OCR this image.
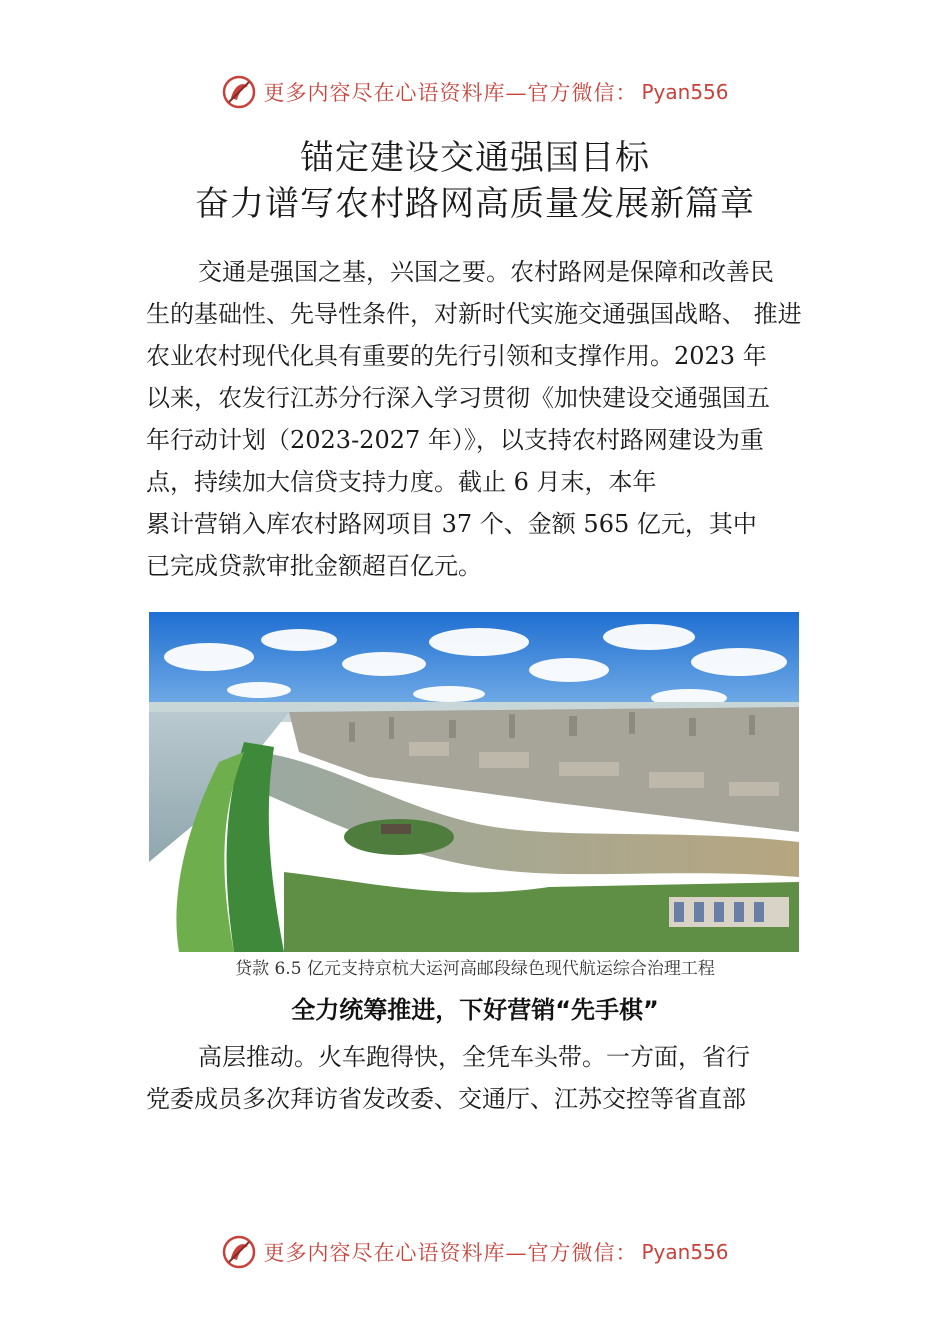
更多内容尽在心语资料库—官方微信： Pyan556
锚定建设交通强国目标
奋力谱写农村路网高质量发展新篇章
交通是强国之基，兴国之要。农村路网是保障和改善民
生的基础性、先导性条件，对新时代实施交通强国战略、 推进
农业农村现代化具有重要的先行引领和支撑作用。2023 年
以来，农发行江苏分行深入学习贯彻《加快建设交通强国五
年行动计划（2023-2027 年）》，以支持农村路网建设为重
点，持续加大信贷支持力度。截止 6 月末，本年
累计营销入库农村路网项目 37 个、金额 565 亿元，其中
已完成贷款审批金额超百亿元。
贷款 6.5 亿元支持京杭大运河高邮段绿色现代航运综合治理工程
全力统筹推进，下好营销“先手棋”
高层推动。火车跑得快，全凭车头带。一方面，省行
党委成员多次拜访省发改委、交通厅、江苏交控等省直部
更多内容尽在心语资料库—官方微信： Pyan556
